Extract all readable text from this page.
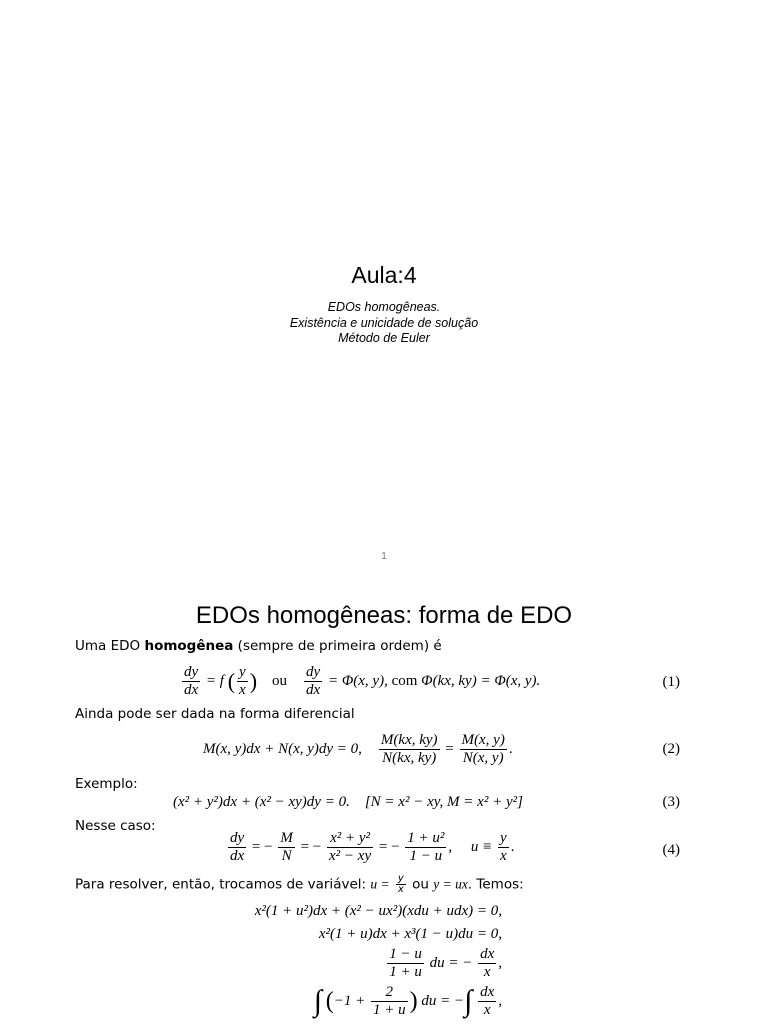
Aula:4
EDOs homogêneas.
Existência e unicidade de solução
Método de Euler
1
EDOs homogêneas: forma de EDO
Uma EDO homogênea (sempre de primeira ordem) é
$\frac{dy}{dx} = f$ ( $\frac{y}{x}$ ) ou $\frac{dy}{dx} = \Phi(x$, y), com Φ(kx, ky) = Φ(x, y).	(1)
Ainda pode ser dada na forma diferencial
M(x, y)dx + N(x, y)dy = 0, $\frac{M(kx, ky)}{N(kx, ky)} = \frac{M(x, y)}{N(x, y)}$ .	(2)
Exemplo:
(x² + y²)dx + (x² − xy)dy = 0. [N = x² − xy, M = x² + y²]	(3)
Nesse caso:
$\frac{dy}{dx}$ = − $\frac{M}{N}$ = − $\frac{\text{x² + y²}}{\text{x² − xy}}$ = − $\frac{\text{1 + u²}}{1 - u}$ , $u \equiv \frac{y}{x}$ .	(4)
Para resolver, então, trocamos de variável: $u = \frac{y}{x}$ ou y = ux. Temos:
x²(1 + u²)dx + (x² − ux²)(xdu + udx) = 0,
x²(1 + u)dx + x³(1 − u)du = 0,
$\frac{1 - u}{1 + u}$ du = − $\frac{dx}{x}$ ,
∫ ($-1 + \frac{2}{1 + u}$ ) du = −∫ $\frac{dx}{x}$ ,
